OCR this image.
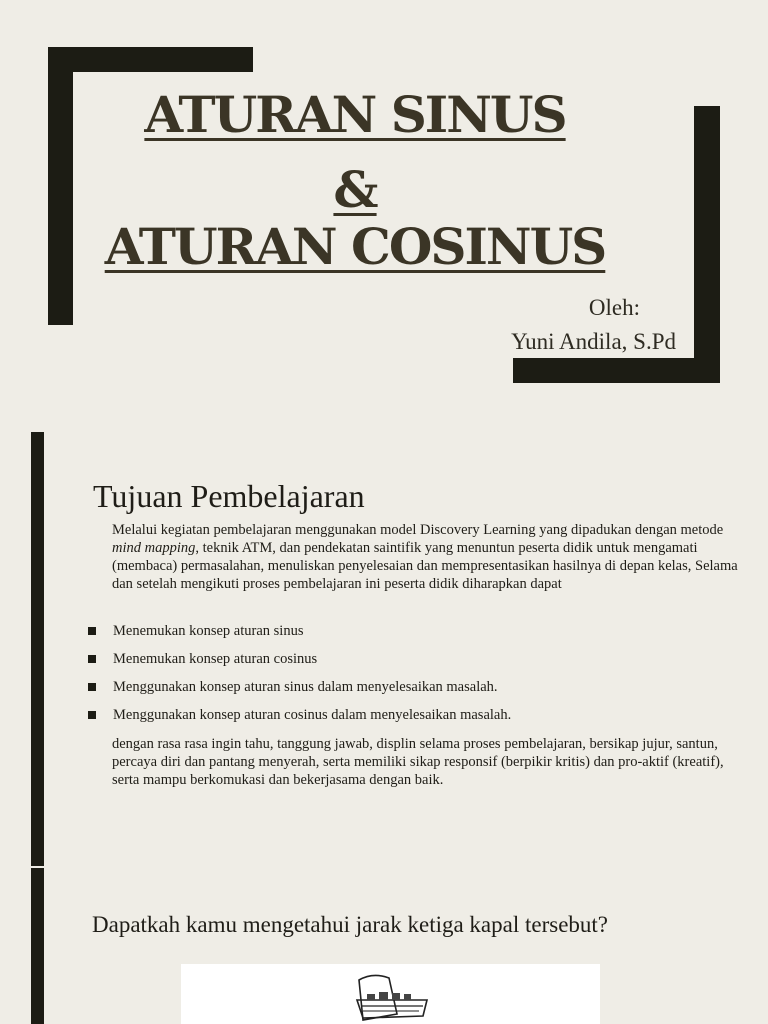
ATURAN SINUS
&
ATURAN COSINUS
Oleh:
Yuni Andila, S.Pd
Tujuan Pembelajaran

Melalui kegiatan pembelajaran menggunakan model Discovery Learning yang dipadukan dengan metode mind mapping, teknik ATM, dan pendekatan saintifik yang menuntun peserta didik untuk mengamati (membaca) permasalahan, menuliskan penyelesaian dan mempresentasikan hasilnya di depan kelas, Selama dan setelah mengikuti proses pembelajaran ini peserta didik diharapkan dapat

Menemukan konsep aturan sinus
Menemukan konsep aturan cosinus
Menggunakan konsep aturan sinus dalam menyelesaikan masalah.
Menggunakan konsep aturan cosinus dalam menyelesaikan masalah.

dengan rasa rasa ingin tahu, tanggung jawab, displin selama proses pembelajaran, bersikap jujur, santun, percaya diri dan pantang menyerah, serta memiliki sikap responsif (berpikir kritis) dan pro-aktif (kreatif), serta mampu berkomukasi dan bekerjasama dengan baik.

Dapatkah kamu mengetahui jarak ketiga kapal tersebut?
